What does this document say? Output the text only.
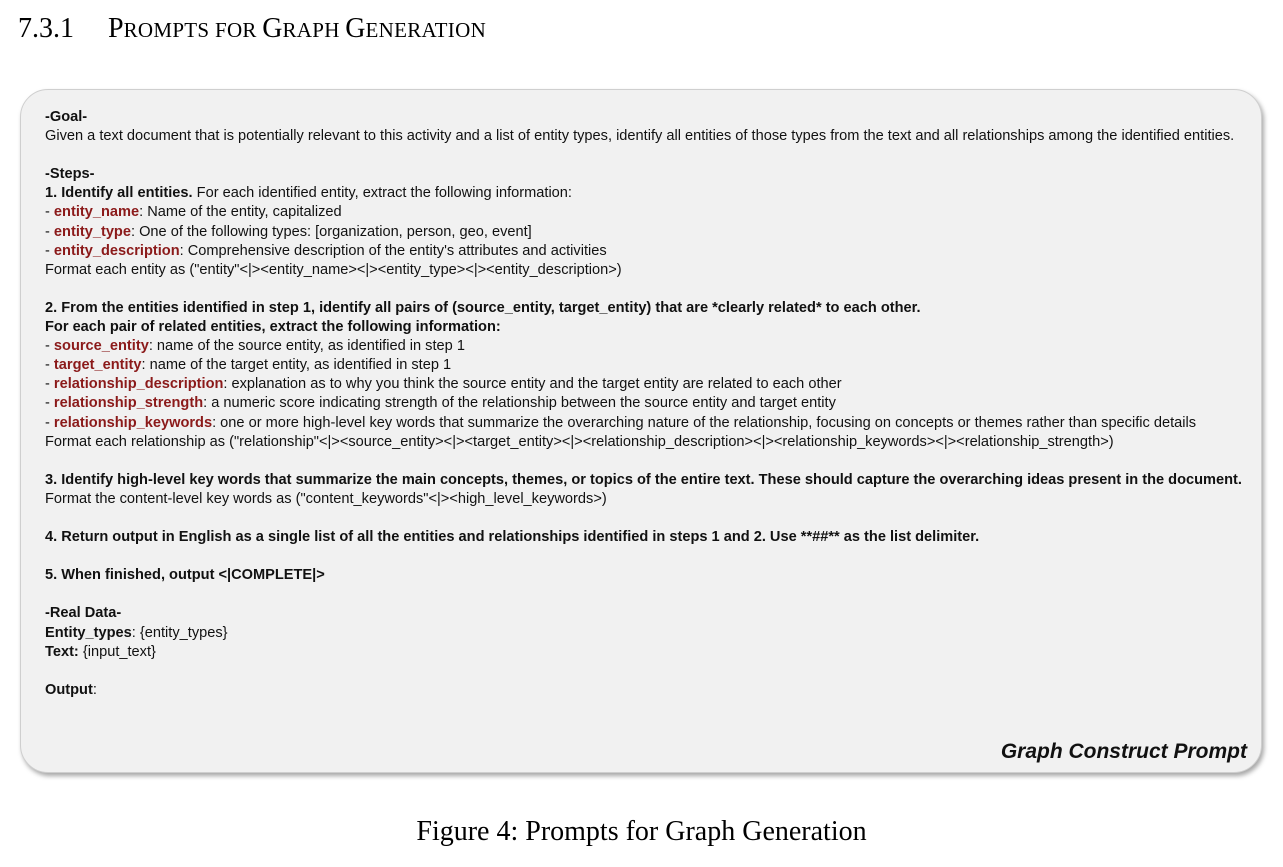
7.3.1 PROMPTS FOR GRAPH GENERATION
-Goal-
Given a text document that is potentially relevant to this activity and a list of entity types, identify all entities of those types from the text and all relationships among the identified entities.
-Steps-
1. Identify all entities. For each identified entity, extract the following information:
- entity_name: Name of the entity, capitalized
- entity_type: One of the following types: [organization, person, geo, event]
- entity_description: Comprehensive description of the entity's attributes and activities
Format each entity as ("entity"<|><entity_name><|><entity_type><|><entity_description>)
2. From the entities identified in step 1, identify all pairs of (source_entity, target_entity) that are *clearly related* to each other.
For each pair of related entities, extract the following information:
- source_entity: name of the source entity, as identified in step 1
- target_entity: name of the target entity, as identified in step 1
- relationship_description: explanation as to why you think the source entity and the target entity are related to each other
- relationship_strength: a numeric score indicating strength of the relationship between the source entity and target entity
- relationship_keywords: one or more high-level key words that summarize the overarching nature of the relationship, focusing on concepts or themes rather than specific details
Format each relationship as ("relationship"<|><source_entity><|><target_entity><|><relationship_description><|><relationship_keywords><|><relationship_strength>)
3. Identify high-level key words that summarize the main concepts, themes, or topics of the entire text. These should capture the overarching ideas present in the document.
Format the content-level key words as ("content_keywords"<|><high_level_keywords>)
4. Return output in English as a single list of all the entities and relationships identified in steps 1 and 2. Use **##** as the list delimiter.
5. When finished, output <|COMPLETE|>
-Real Data-
Entity_types: {entity_types}
Text: {input_text}
Output:
Graph Construct Prompt
Figure 4: Prompts for Graph Generation
